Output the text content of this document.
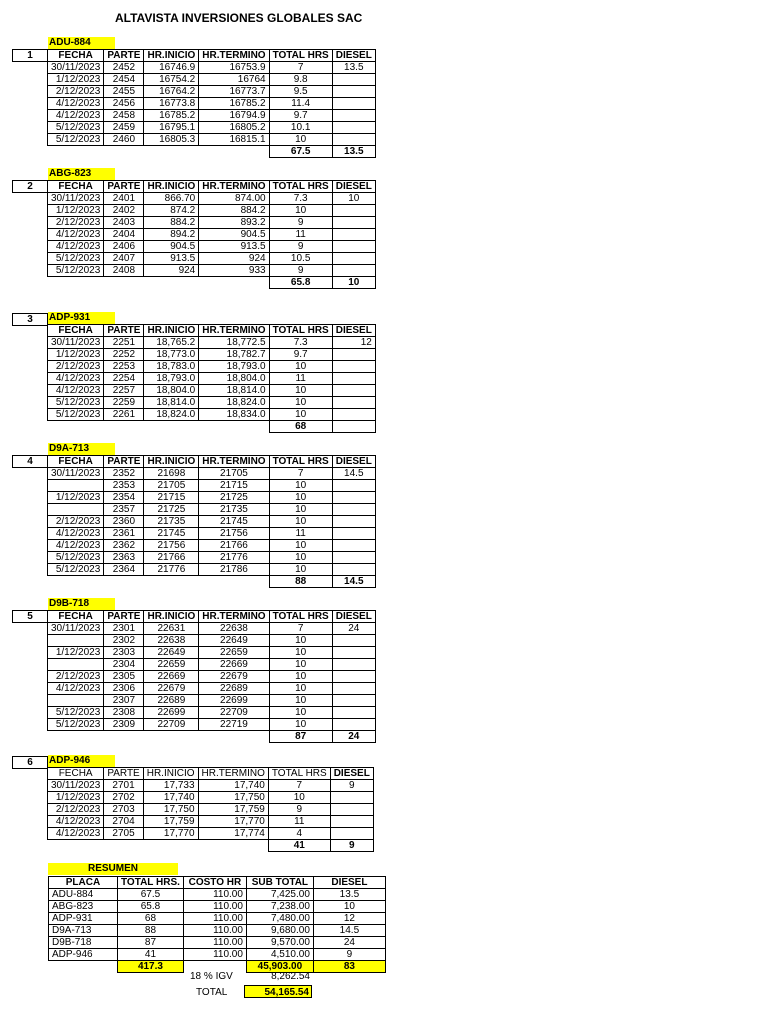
ALTAVISTA INVERSIONES GLOBALES SAC
ADU-884
1	FECHA	PARTE	HR.INICIO	HR.TERMINO	TOTAL HRS	DIESEL
30/11/2023	2452	16746.9	16753.9	7	13.5
1/12/2023	2454	16754.2	16764	9.8	
2/12/2023	2455	16764.2	16773.7	9.5	
4/12/2023	2456	16773.8	16785.2	11.4	
4/12/2023	2458	16785.2	16794.9	9.7	
5/12/2023	2459	16795.1	16805.2	10.1	
5/12/2023	2460	16805.3	16815.1	10	
				67.5	13.5
ABG-823
2	FECHA	PARTE	HR.INICIO	HR.TERMINO	TOTAL HRS	DIESEL
30/11/2023	2401	866.70	874.00	7.3	10
1/12/2023	2402	874.2	884.2	10	
2/12/2023	2403	884.2	893.2	9	
4/12/2023	2404	894.2	904.5	11	
4/12/2023	2406	904.5	913.5	9	
5/12/2023	2407	913.5	924	10.5	
5/12/2023	2408	924	933	9	
				65.8	10
3	ADP-931
FECHA	PARTE	HR.INICIO	HR.TERMINO	TOTAL HRS	DIESEL
30/11/2023	2251	18,765.2	18,772.5	7.3	12
1/12/2023	2252	18,773.0	18,782.7	9.7	
2/12/2023	2253	18,783.0	18,793.0	10	
4/12/2023	2254	18,793.0	18,804.0	11	
4/12/2023	2257	18,804.0	18,814.0	10	
5/12/2023	2259	18,814.0	18,824.0	10	
5/12/2023	2261	18,824.0	18,834.0	10	
				68	
D9A-713
4	FECHA	PARTE	HR.INICIO	HR.TERMINO	TOTAL HRS	DIESEL
30/11/2023	2352	21698	21705	7	14.5
	2353	21705	21715	10	
1/12/2023	2354	21715	21725	10	
	2357	21725	21735	10	
2/12/2023	2360	21735	21745	10	
4/12/2023	2361	21745	21756	11	
4/12/2023	2362	21756	21766	10	
5/12/2023	2363	21766	21776	10	
5/12/2023	2364	21776	21786	10	
				88	14.5
D9B-718
5	FECHA	PARTE	HR.INICIO	HR.TERMINO	TOTAL HRS	DIESEL
30/11/2023	2301	22631	22638	7	24
	2302	22638	22649	10	
1/12/2023	2303	22649	22659	10	
	2304	22659	22669	10	
2/12/2023	2305	22669	22679	10	
4/12/2023	2306	22679	22689	10	
	2307	22689	22699	10	
5/12/2023	2308	22699	22709	10	
5/12/2023	2309	22709	22719	10	
				87	24
6	ADP-946
FECHA	PARTE	HR.INICIO	HR.TERMINO	TOTAL HRS	DIESEL
30/11/2023	2701	17,733	17,740	7	9
1/12/2023	2702	17,740	17,750	10	
2/12/2023	2703	17,750	17,759	9	
4/12/2023	2704	17,759	17,770	11	
4/12/2023	2705	17,770	17,774	4	
				41	9
RESUMEN
PLACA	TOTAL HRS.	COSTO HR	SUB TOTAL	DIESEL
ADU-884	67.5	110.00	7,425.00	13.5
ABG-823	65.8	110.00	7,238.00	10
ADP-931	68	110.00	7,480.00	12
D9A-713	88	110.00	9,680.00	14.5
D9B-718	87	110.00	9,570.00	24
ADP-946	41	110.00	4,510.00	9
	417.3		45,903.00	83
18 % IGV	8,262.54
TOTAL	54,165.54
